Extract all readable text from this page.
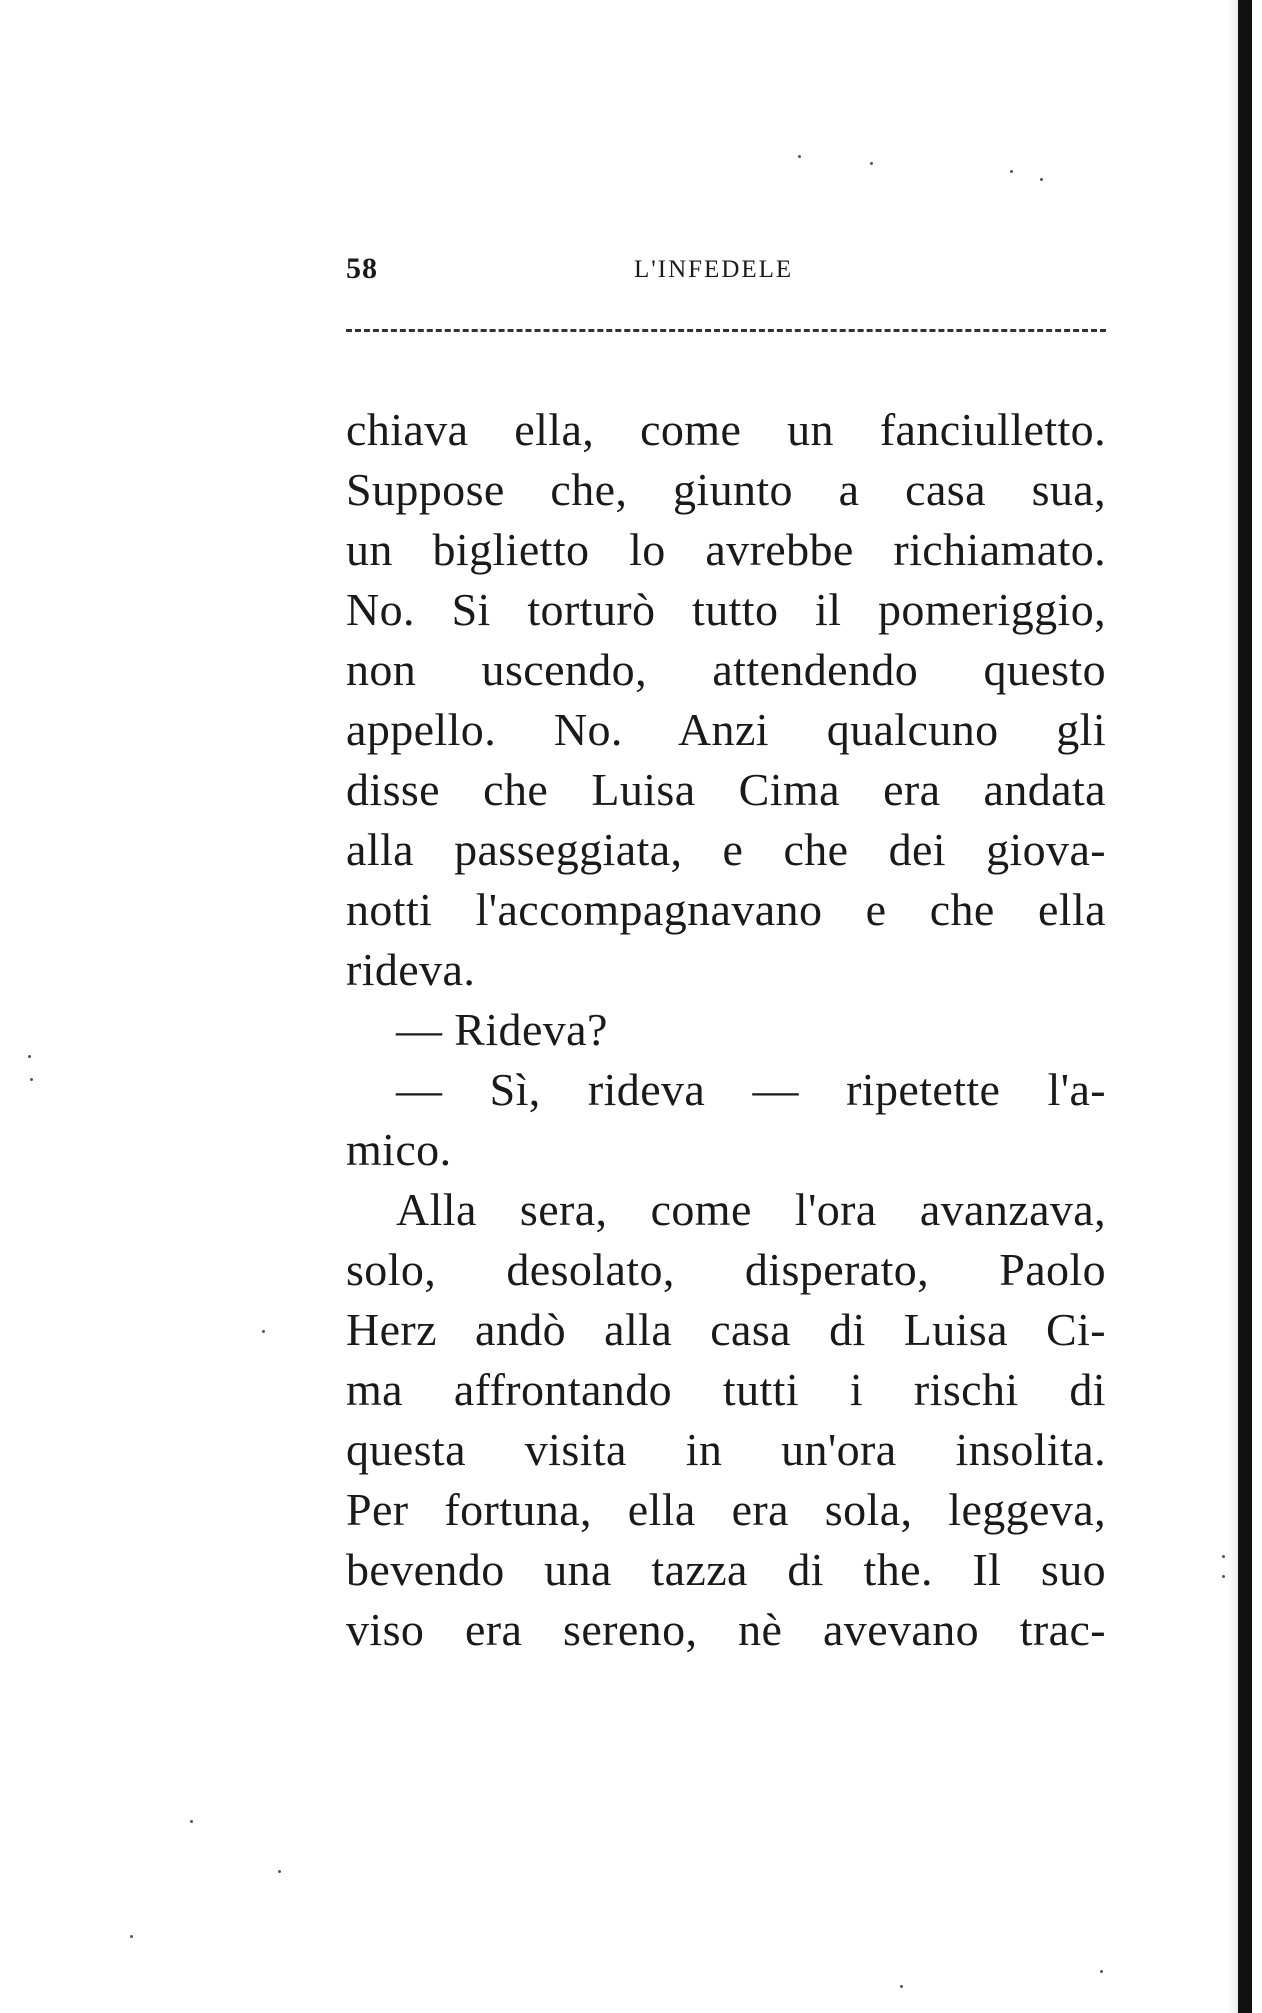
58	L'INFEDELE
chiava ella, come un fanciulletto.
Suppose che, giunto a casa sua,
un biglietto lo avrebbe richiamato.
No. Si torturò tutto il pomeriggio,
non uscendo, attendendo questo
appello. No. Anzi qualcuno gli
disse che Luisa Cima era andata
alla passeggiata, e che dei giova-
notti l'accompagnavano e che ella
rideva.
— Rideva?
— Sì, rideva — ripetette l'a-
mico.
Alla sera, come l'ora avanzava,
solo, desolato, disperato, Paolo
Herz andò alla casa di Luisa Ci-
ma affrontando tutti i rischi di
questa visita in un'ora insolita.
Per fortuna, ella era sola, leggeva,
bevendo una tazza di the. Il suo
viso era sereno, nè avevano trac-
